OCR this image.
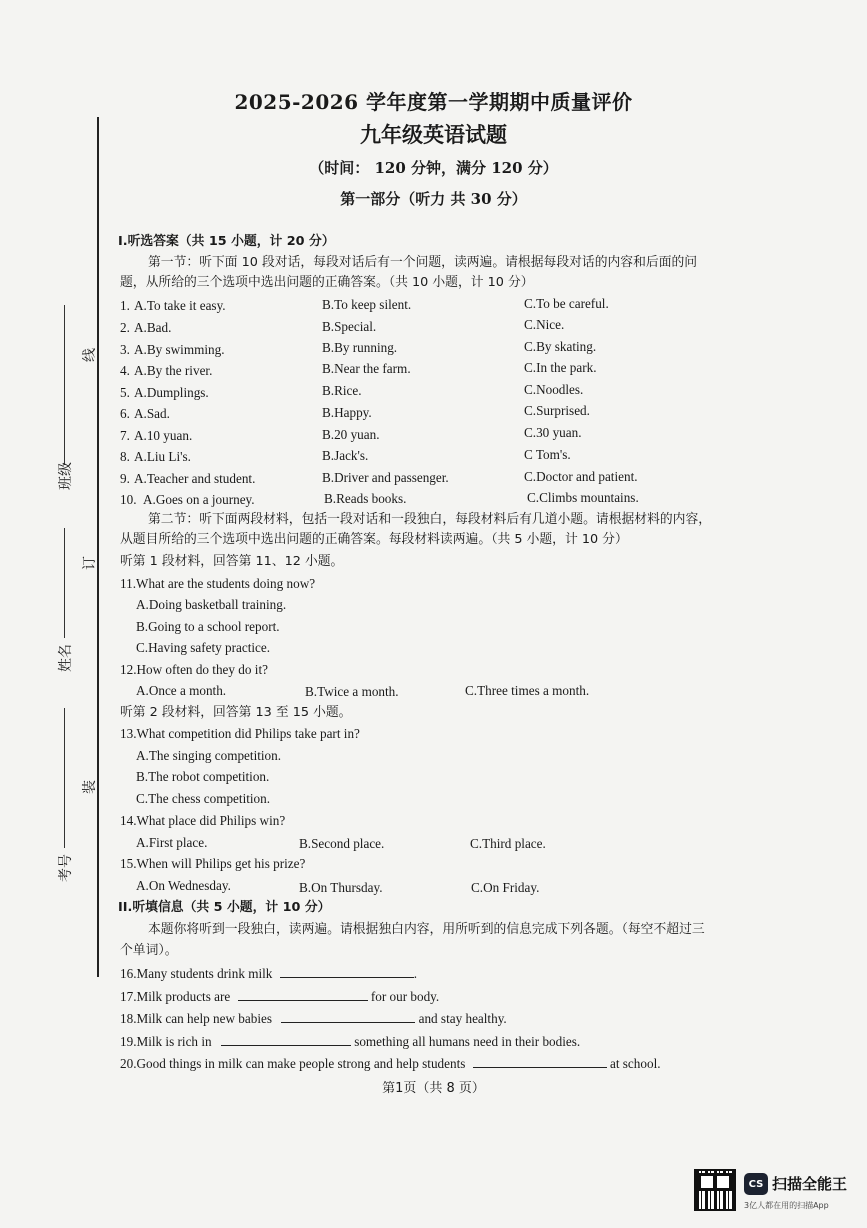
线
订
装
班级
姓名
考号
2025-2026 学年度第一学期期中质量评价
九年级英语试题
（时间： 120 分钟，满分 120 分）
第一部分（听力 共 30 分）
I.听选答案（共 15 小题，计 20 分）
第一节：听下面 10 段对话，每段对话后有一个问题，读两遍。请根据每段对话的内容和后面的问
题，从所给的三个选项中选出问题的正确答案。（共 10 小题，计 10 分）
1. A.To take it easy.	B.To keep silent.	C.To be careful.
2. A.Bad.	B.Special.	C.Nice.
3. A.By swimming.	B.By running.	C.By skating.
4. A.By the river.	B.Near the farm.	C.In the park.
5. A.Dumplings.	B.Rice.	C.Noodles.
6. A.Sad.	B.Happy.	C.Surprised.
7. A.10 yuan.	B.20 yuan.	C.30 yuan.
8. A.Liu Li's.	B.Jack's.	C Tom's.
9. A.Teacher and student.	B.Driver and passenger.	C.Doctor and patient.
10. A.Goes on a journey.	B.Reads books.	C.Climbs mountains.
第二节：听下面两段材料，包括一段对话和一段独白，每段材料后有几道小题。请根据材料的内容，
从题目所给的三个选项中选出问题的正确答案。每段材料读两遍。（共 5 小题，计 10 分）
听第 1 段材料，回答第 11、12 小题。
11.What are the students doing now?
A.Doing basketball training.
B.Going to a school report.
C.Having safety practice.
12.How often do they do it?
A.Once a month.	B.Twice a month.	C.Three times a month.
听第 2 段材料，回答第 13 至 15 小题。
13.What competition did Philips take part in?
A.The singing competition.
B.The robot competition.
C.The chess competition.
14.What place did Philips win?
A.First place.	B.Second place.	C.Third place.
15.When will Philips get his prize?
A.On Wednesday.	B.On Thursday.	C.On Friday.
II.听填信息（共 5 小题，计 10 分）
本题你将听到一段独白，读两遍。请根据独白内容，用所听到的信息完成下列各题。（每空不超过三
个单词）。
16.Many students drink milk	.
17.Milk products are	for our body.
18.Milk can help new babies	and stay healthy.
19.Milk is rich in	something all humans need in their bodies.
20.Good things in milk can make people strong and help students	at school.
第1页（共 8 页）
CS 扫描全能王
3亿人都在用的扫描App
